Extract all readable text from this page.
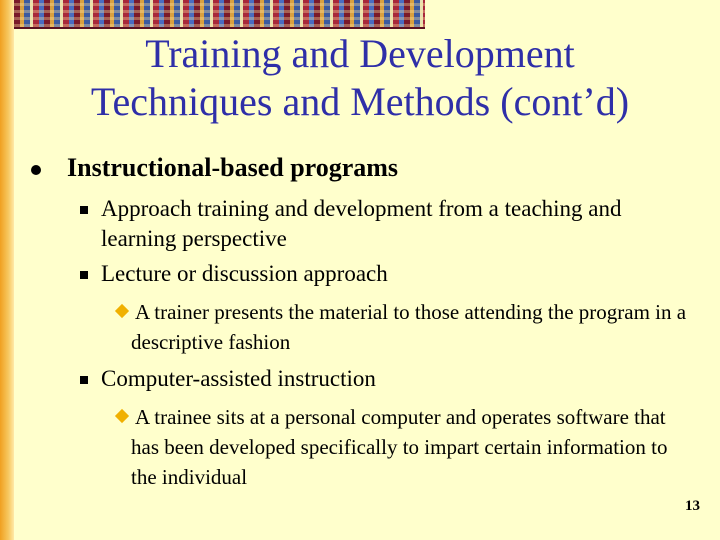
Training and Development
Techniques and Methods (cont’d)
Instructional-based programs
Approach training and development from a teaching and learning perspective
Lecture or discussion approach
A trainer presents the material to those attending the program in a descriptive fashion
Computer-assisted instruction
A trainee sits at a personal computer and operates software that has been developed specifically to impart certain information to the individual
13
